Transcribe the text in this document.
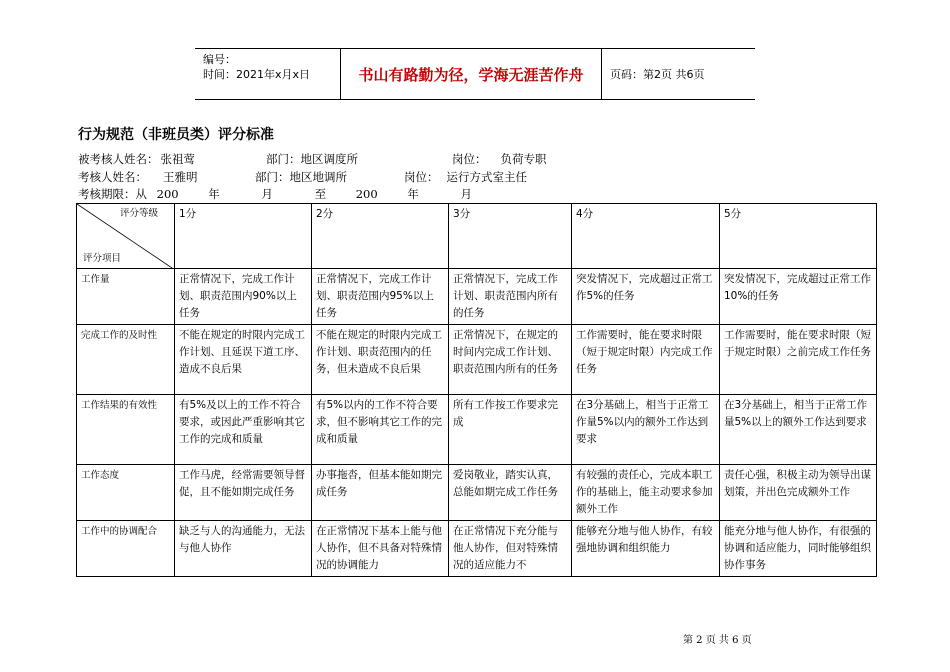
编号：
时间：2021年x月x日	书山有路勤为径，学海无涯苦作舟	页码：第2页 共6页
行为规范（非班员类）评分标准
被考核人姓名： 张祖莺	部门：地区调度所	岗位： 负荷专职
考核人姓名： 王雅明	部门：地区地调所	岗位： 运行方式室主任
考核期限：从 200	年	月	至	200	年	月
评分等级
评分项目	1分	2分	3分	4分	5分
工作量	正常情况下，完成工作计划、职责范围内90%以上任务	正常情况下，完成工作计划、职责范围内95%以上任务	正常情况下，完成工作计划、职责范围内所有的任务	突发情况下，完成超过正常工作5%的任务	突发情况下，完成超过正常工作10%的任务
完成工作的及时性	不能在规定的时限内完成工作计划、且延误下道工序、造成不良后果	不能在规定的时限内完成工作计划、职责范围内的任务，但未造成不良后果	正常情况下，在规定的时间内完成工作计划、职责范围内所有的任务	工作需要时，能在要求时限（短于规定时限）内完成工作任务	工作需要时，能在要求时限（短于规定时限）之前完成工作任务
工作结果的有效性	有5%及以上的工作不符合要求，或因此严重影响其它工作的完成和质量	有5%以内的工作不符合要求，但不影响其它工作的完成和质量	所有工作按工作要求完成	在3分基础上，相当于正常工作量5%以内的额外工作达到要求	在3分基础上，相当于正常工作量5%以上的额外工作达到要求
工作态度	工作马虎，经常需要领导督促，且不能如期完成任务	办事拖沓，但基本能如期完成任务	爱岗敬业，踏实认真，总能如期完成工作任务	有较强的责任心，完成本职工作的基础上，能主动要求参加额外工作	责任心强，积极主动为领导出谋划策，并出色完成额外工作
工作中的协调配合	缺乏与人的沟通能力，无法与他人协作	在正常情况下基本上能与他人协作，但不具备对特殊情况的协调能力	在正常情况下充分能与他人协作，但对特殊情况的适应能力不	能够充分地与他人协作，有较强地协调和组织能力	能充分地与他人协作，有很强的协调和适应能力，同时能够组织协作事务
第 2 页 共 6 页
